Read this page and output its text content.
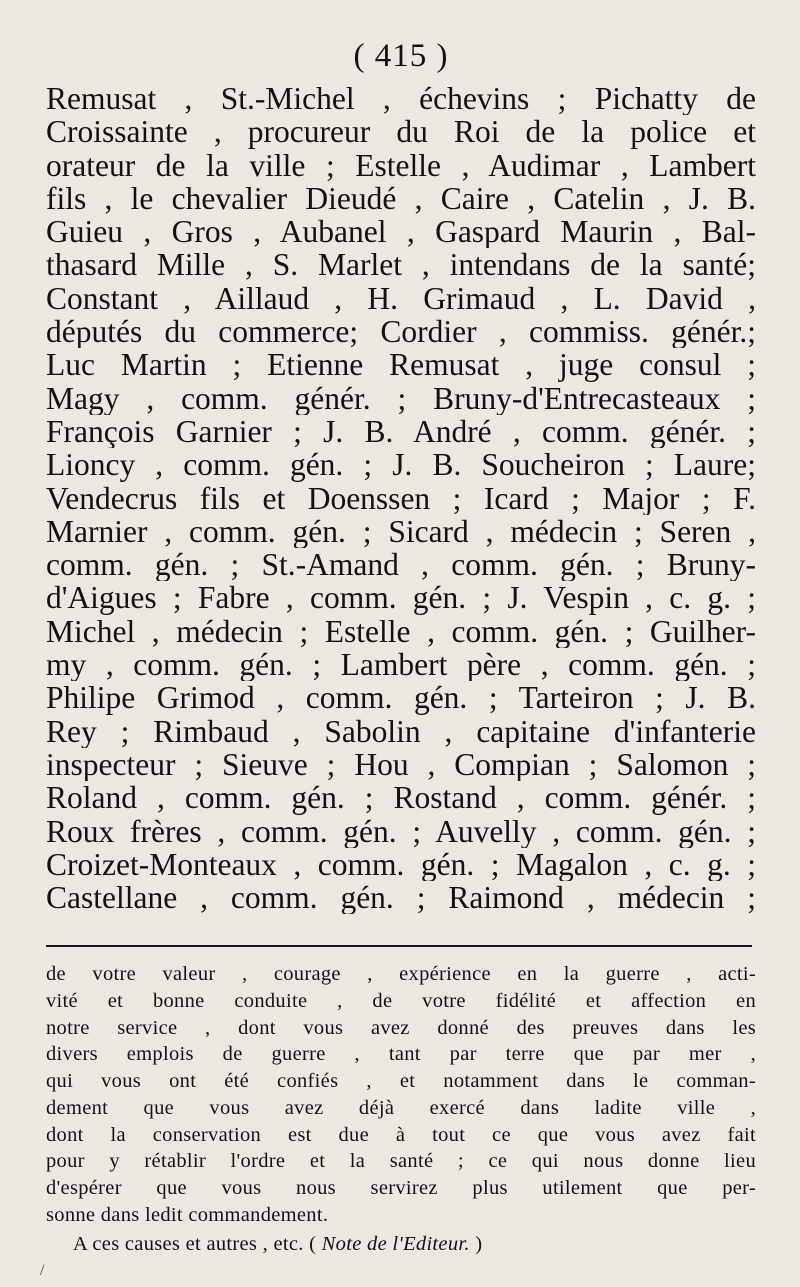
( 415 )
Remusat , St.-Michel , échevins ; Pichatty de
Croissainte , procureur du Roi de la police et
orateur de la ville ; Estelle , Audimar , Lambert
fils , le chevalier Dieudé , Caire , Catelin , J. B.
Guieu , Gros , Aubanel , Gaspard Maurin , Bal-
thasard Mille , S. Marlet , intendans de la santé;
Constant , Aillaud , H. Grimaud , L. David ,
députés du commerce; Cordier , commiss. génér.;
Luc Martin ; Etienne Remusat , juge consul ;
Magy , comm. génér. ; Bruny-d'Entrecasteaux ;
François Garnier ; J. B. André , comm. génér. ;
Lioncy , comm. gén. ; J. B. Soucheiron ; Laure;
Vendecrus fils et Doenssen ; Icard ; Major ; F.
Marnier , comm. gén. ; Sicard , médecin ; Seren ,
comm. gén. ; St.-Amand , comm. gén. ; Bruny-
d'Aigues ; Fabre , comm. gén. ; J. Vespin , c. g. ;
Michel , médecin ; Estelle , comm. gén. ; Guilher-
my , comm. gén. ; Lambert père , comm. gén. ;
Philipe Grimod , comm. gén. ; Tarteiron ; J. B.
Rey ; Rimbaud , Sabolin , capitaine d'infanterie
inspecteur ; Sieuve ; Hou , Compian ; Salomon ;
Roland , comm. gén. ; Rostand , comm. génér. ;
Roux frères , comm. gén. ; Auvelly , comm. gén. ;
Croizet-Monteaux , comm. gén. ; Magalon , c. g. ;
Castellane , comm. gén. ; Raimond , médecin ;
de votre valeur , courage , expérience en la guerre , acti-
vité et bonne conduite , de votre fidélité et affection en
notre service , dont vous avez donné des preuves dans les
divers emplois de guerre , tant par terre que par mer ,
qui vous ont été confiés , et notamment dans le comman-
dement que vous avez déjà exercé dans ladite ville ,
dont la conservation est due à tout ce que vous avez fait
pour y rétablir l'ordre et la santé ; ce qui nous donne lieu
d'espérer que vous nous servirez plus utilement que per-
sonne dans ledit commandement.
A ces causes et autres , etc. ( Note de l'Editeur. )
/
